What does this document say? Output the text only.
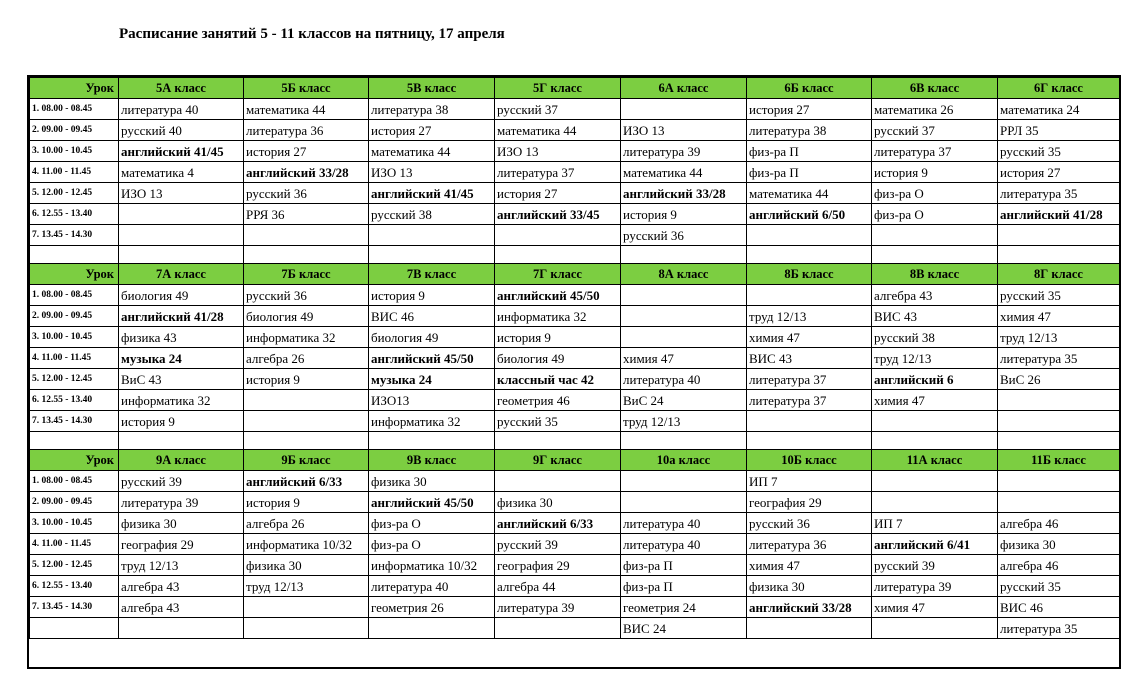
Расписание занятий 5 - 11 классов на пятницу, 17 апреля
Урок	5А класс	5Б класс	5В класс	5Г класс	6А класс	6Б класс	6В класс	6Г класс
1. 08.00 - 08.45	литература 40	математика 44	литература 38	русский 37		история 27	математика 26	математика 24
2. 09.00 - 09.45	русский 40	литература 36	история 27	математика 44	ИЗО 13	литература 38	русский 37	РРЛ 35
3. 10.00 - 10.45	английский 41/45	история 27	математика 44	ИЗО 13	литература 39	физ-ра П	литература 37	русский 35
4. 11.00 - 11.45	математика 4	английский 33/28	ИЗО 13	литература 37	математика 44	физ-ра П	история 9	история 27
5. 12.00 - 12.45	ИЗО 13	русский 36	английский 41/45	история 27	английский 33/28	математика 44	физ-ра О	литература 35
6. 12.55 - 13.40		РРЯ 36	русский 38	английский 33/45	история 9	английский 6/50	физ-ра О	английский 41/28
7. 13.45 - 14.30					русский 36			

Урок	7А класс	7Б класс	7В класс	7Г класс	8А класс	8Б класс	8В класс	8Г класс
1. 08.00 - 08.45	биология 49	русский 36	история 9	английский 45/50			алгебра 43	русский 35
2. 09.00 - 09.45	английский 41/28	биология 49	ВИС 46	информатика 32		труд 12/13	ВИС 43	химия 47
3. 10.00 - 10.45	физика 43	информатика 32	биология 49	история 9		химия 47	русский 38	труд 12/13
4. 11.00 - 11.45	музыка 24	алгебра 26	английский 45/50	биология 49	химия 47	ВИС 43	труд 12/13	литература 35
5. 12.00 - 12.45	ВиС 43	история 9	музыка 24	классный час 42	литература 40	литература 37	английский 6	ВиС 26
6. 12.55 - 13.40	информатика 32		ИЗО13	геометрия 46	ВиС 24	литература 37	химия 47	
7. 13.45 - 14.30	история 9		информатика 32	русский 35	труд 12/13			

Урок	9А класс	9Б класс	9В класс	9Г класс	10а класс	10Б класс	11А класс	11Б класс
1. 08.00 - 08.45	русский 39	английский 6/33	физика 30			ИП 7		
2. 09.00 - 09.45	литература 39	история 9	английский 45/50	физика 30		география 29		
3. 10.00 - 10.45	физика 30	алгебра 26	физ-ра О	английский 6/33	литература 40	русский 36	ИП 7	алгебра 46
4. 11.00 - 11.45	география 29	информатика 10/32	физ-ра О	русский 39	литература 40	литература 36	английский 6/41	физика 30
5. 12.00 - 12.45	труд 12/13	физика 30	информатика 10/32	география 29	физ-ра П	химия 47	русский 39	алгебра 46
6. 12.55 - 13.40	алгебра 43	труд 12/13	литература 40	алгебра 44	физ-ра П	физика 30	литература 39	русский 35
7. 13.45 - 14.30	алгебра 43		геометрия 26	литература 39	геометрия 24	английский 33/28	химия 47	ВИС 46
					ВИС 24			литература 35
